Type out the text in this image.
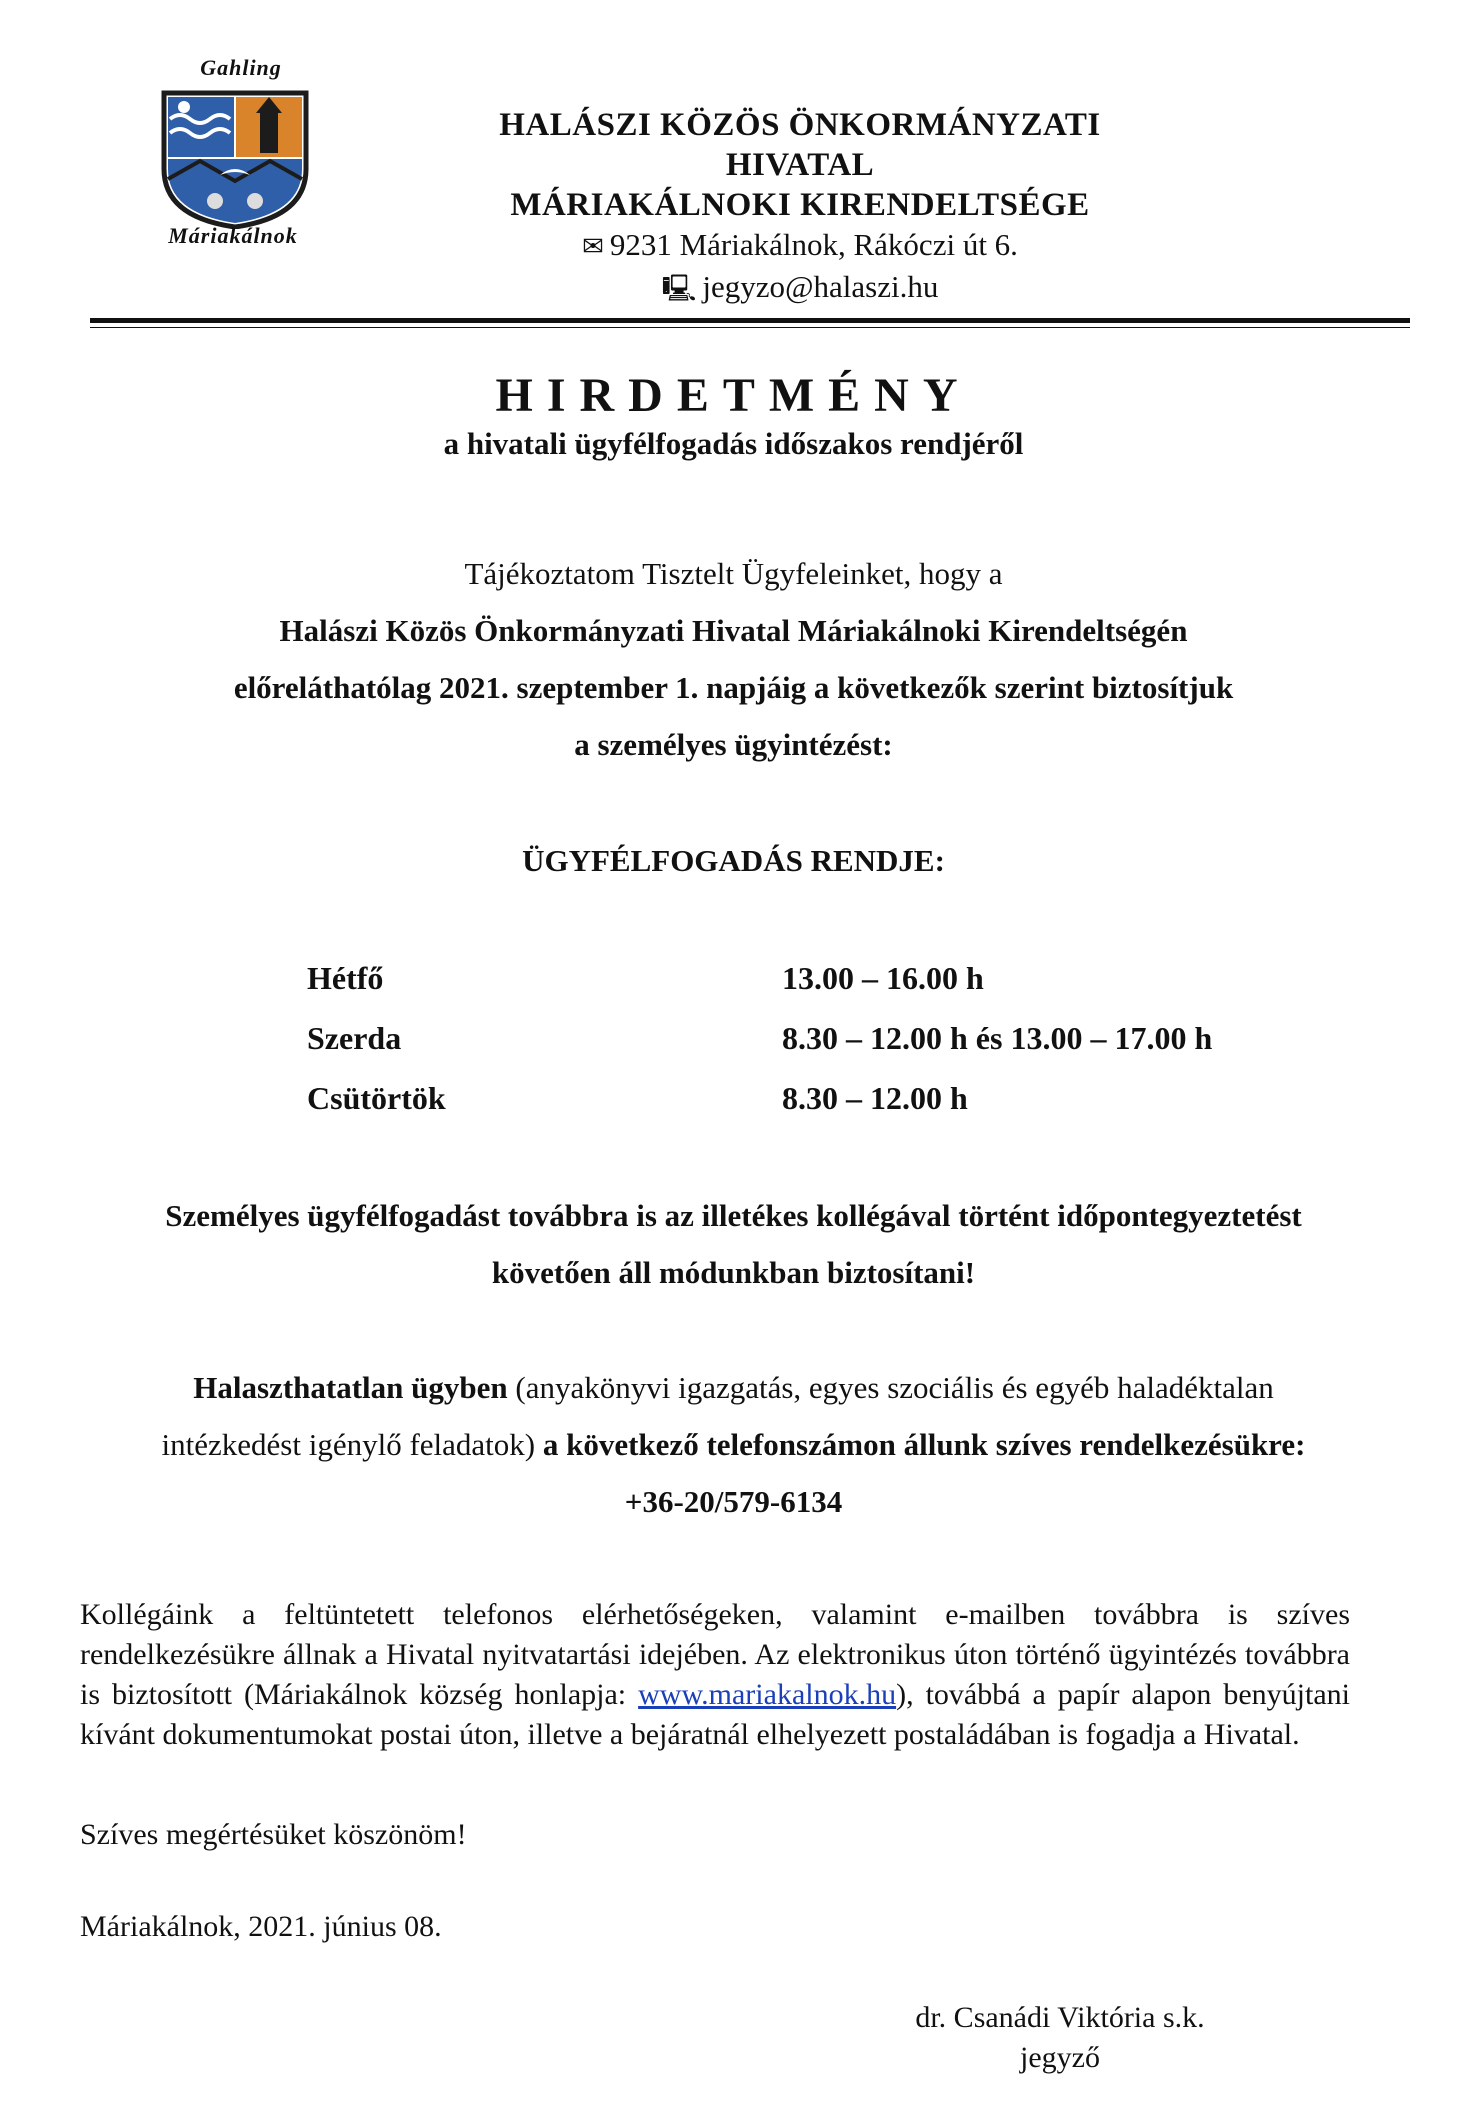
Gahling
Máriakálnok
HALÁSZI KÖZÖS ÖNKORMÁNYZATI HIVATAL
MÁRIAKÁLNOKI KIRENDELTSÉGE
✉ 9231 Máriakálnok, Rákóczi út 6.
🖳 jegyzo@halaszi.hu
HIRDETMÉNY
a hivatali ügyfélfogadás időszakos rendjéről
Tájékoztatom Tisztelt Ügyfeleinket, hogy a
Halászi Közös Önkormányzati Hivatal Máriakálnoki Kirendeltségén
előreláthatólag 2021. szeptember 1. napjáig a következők szerint biztosítjuk
a személyes ügyintézést:
ÜGYFÉLFOGADÁS RENDJE:
Hétfő	13.00 – 16.00 h
Szerda	8.30 – 12.00 h és 13.00 – 17.00 h
Csütörtök	8.30 – 12.00 h
Személyes ügyfélfogadást továbbra is az illetékes kollégával történt időpontegyeztetést
követően áll módunkban biztosítani!
Halaszthatatlan ügyben (anyakönyvi igazgatás, egyes szociális és egyéb haladéktalan
intézkedést igénylő feladatok) a következő telefonszámon állunk szíves rendelkezésükre:
+36-20/579-6134
Kollégáink a feltüntetett telefonos elérhetőségeken, valamint e-mailben továbbra is szíves rendelkezésükre állnak a Hivatal nyitvatartási idejében. Az elektronikus úton történő ügyintézés továbbra is biztosított (Máriakálnok község honlapja: www.mariakalnok.hu), továbbá a papír alapon benyújtani kívánt dokumentumokat postai úton, illetve a bejáratnál elhelyezett postaládában is fogadja a Hivatal.
Szíves megértésüket köszönöm!
Máriakálnok, 2021. június 08.
dr. Csanádi Viktória s.k.
jegyző
